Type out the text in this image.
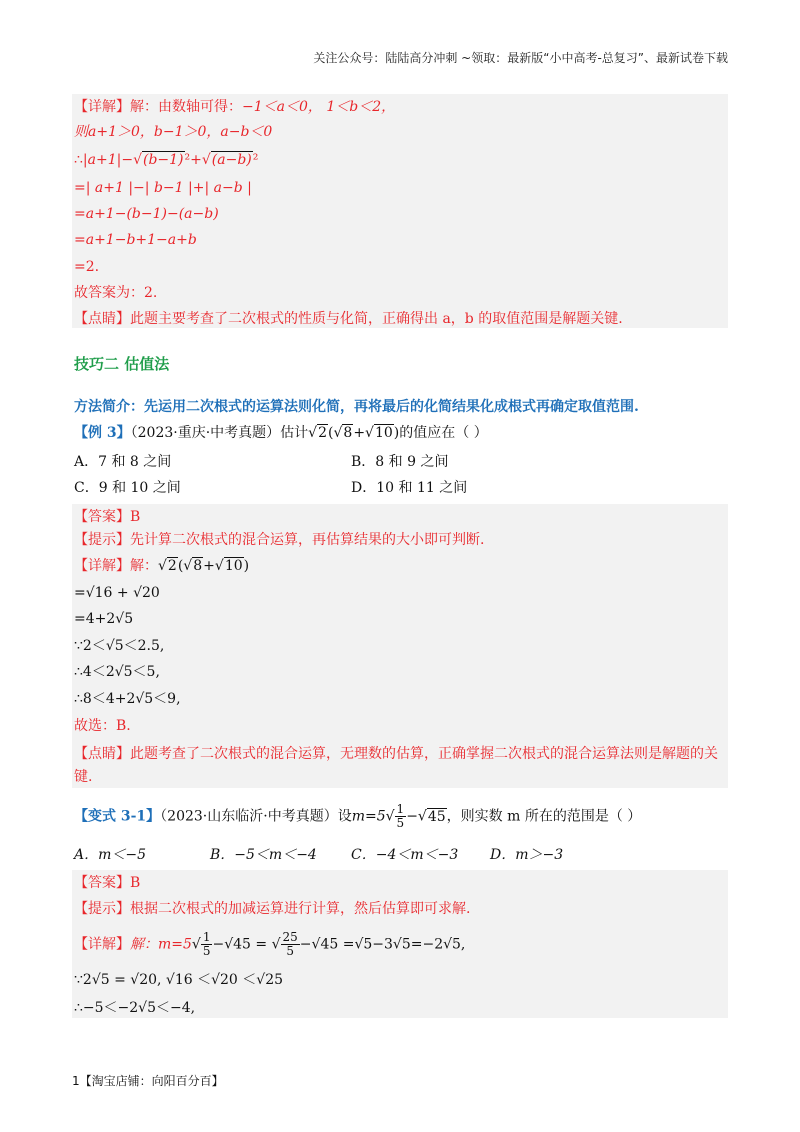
关注公众号：陆陆高分冲刺 ~领取：最新版“小中高考-总复习”、最新试卷下载
【详解】解：由数轴可得：−1＜a＜0， 1＜b＜2，
则a+1＞0，b−1＞0，a−b＜0
∴|a+1|−√(b−1)²+√(a−b)²
=| a+1 |−| b−1 |+| a−b |
=a+1−(b−1)−(a−b)
=a+1−b+1−a+b
=2.
故答案为：2.
【点睛】此题主要考查了二次根式的性质与化简，正确得出 a，b 的取值范围是解题关键.
技巧二 估值法
方法简介：先运用二次根式的运算法则化简，再将最后的化简结果化成根式再确定取值范围.
【例 3】（2023·重庆·中考真题）估计√2(√8+√10)的值应在（ ）
A．7 和 8 之间	B．8 和 9 之间
C．9 和 10 之间	D．10 和 11 之间
【答案】B
【提示】先计算二次根式的混合运算，再估算结果的大小即可判断.
【详解】解：√2(√8+√10)
=√16 + √20
=4+2√5
∵2＜√5＜2.5,
∴4＜2√5＜5,
∴8＜4+2√5＜9,
故选：B.
【点睛】此题考查了二次根式的混合运算，无理数的估算，正确掌握二次根式的混合运算法则是解题的关
键.
【变式 3-1】（2023·山东临沂·中考真题）设$m=5√ \frac{1}{5} -√45$，则实数 m 所在的范围是（ ）
A．m＜−5	B．−5＜m＜−4 C．−4＜m＜−3 D．m＞−3
【答案】B
【提示】根据二次根式的加减运算进行计算，然后估算即可求解.
【详解】解：$m=5√ \frac{1}{5} -√45$ = √ $\frac{25}{5} -√45 =√5-3√5=-2√5$,
∵2√5 = √20, √16 ＜√20 ＜√25
∴−5＜−2√5＜−4,
1【淘宝店铺：向阳百分百】
